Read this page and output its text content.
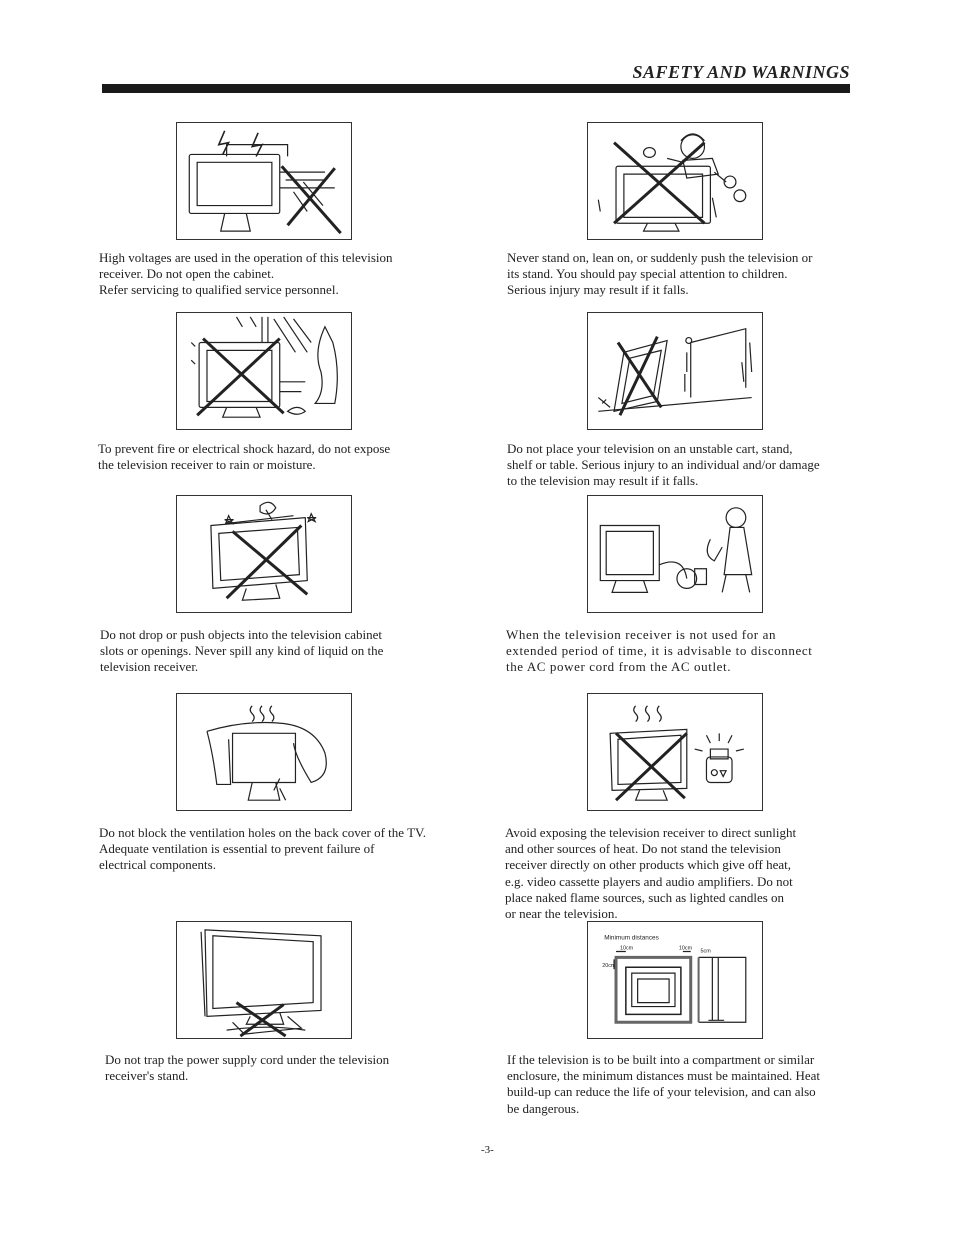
SAFETY AND WARNINGS
High voltages are used in the operation of this television
receiver. Do not open the cabinet.
Refer servicing to qualified service personnel.
Never stand on, lean on, or suddenly push the television or
its stand. You should pay special attention to children.
Serious injury may result if it falls.
To prevent fire or electrical shock hazard, do not expose
the television receiver to rain or moisture.
Do not place your television on an unstable cart, stand,
shelf or table. Serious injury to an individual and/or damage
to the television may result if it falls.
Do not drop or push objects into the television cabinet
slots or openings. Never spill any kind of liquid on the
television receiver.
When the television receiver is not used for an
extended period of time, it is advisable to disconnect
the AC power cord from the AC outlet.
Do not block the ventilation holes on the back cover of the TV.
Adequate ventilation is essential to prevent failure of
electrical components.
Avoid exposing the television receiver to direct sunlight
and other sources of heat. Do not stand the television
receiver directly on other products which give off heat,
e.g. video cassette players and audio amplifiers. Do not
place naked flame sources, such as lighted candles on
or near the television.
Do not trap the power supply cord under the television
receiver's stand.
Minimum distances
10cm	10cm 5cm
20cm
If the television is to be built into a compartment or similar
enclosure, the minimum distances must be maintained. Heat
build-up can reduce the life of your television, and can also
be dangerous.
-3-
